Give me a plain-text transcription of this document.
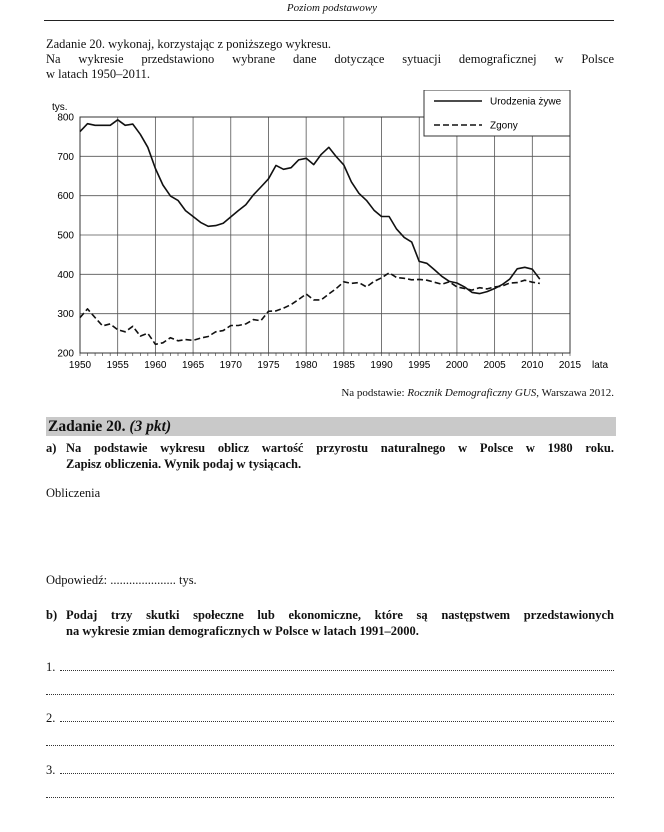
Poziom podstawowy
Zadanie 20. wykonaj, korzystając z poniższego wykresu.
Na wykresie przedstawiono wybrane dane dotyczące sytuacji demograficznej w Polsce
w latach 1950–2011.
1950 1955 1960 1965 1970 1975 1980 1985 1990 1995 2000 2005 2010 2015
200
300
400
500
600
700
800
lata
tys.	Urodzenia żywe
Zgony
Na podstawie: Rocznik Demograficzny GUS, Warszawa 2012.
Zadanie 20. (3 pkt)
a) Na podstawie wykresu oblicz wartość przyrostu naturalnego w Polsce w 1980 roku.
Zapisz obliczenia. Wynik podaj w tysiącach.
Obliczenia
Odpowiedź: ..................... tys.
b) Podaj trzy skutki społeczne lub ekonomiczne, które są następstwem przedstawionych
na wykresie zmian demograficznych w Polsce w latach 1991–2000.
1.
2.
3.
